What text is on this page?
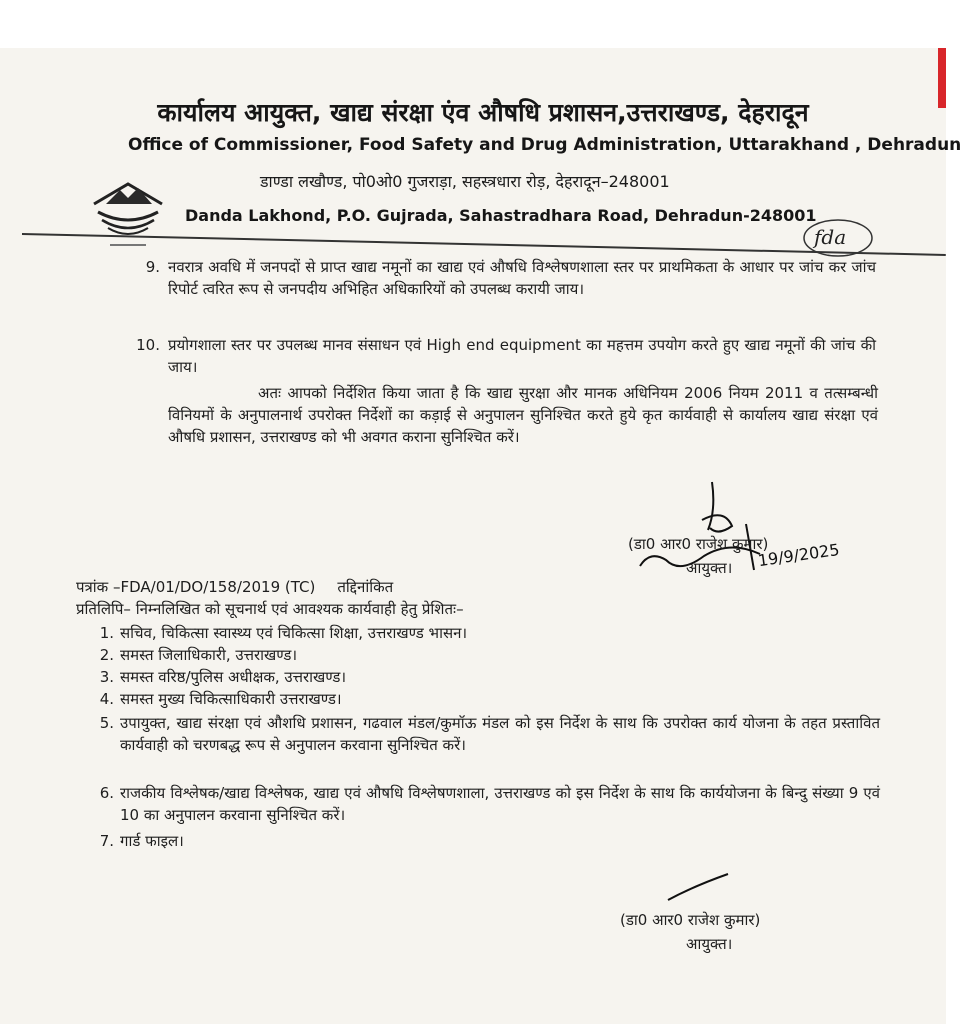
कार्यालय आयुक्त, खाद्य संरक्षा एंव औषधि प्रशासन,उत्तराखण्ड, देहरादून
Office of Commissioner, Food Safety and Drug Administration, Uttarakhand , Dehradun
डाण्डा लखौण्ड, पो0ओ0 गुजराड़ा, सहस्त्रधारा रोड़, देहरादून–248001
Danda Lakhond, P.O. Gujrada, Sahastradhara Road, Dehradun-248001
fda
9. नवरात्र अवधि में जनपदों से प्राप्त खाद्य नमूनों का खाद्य एवं औषधि विश्लेषणशाला स्तर पर प्राथमिकता के आधार पर जांच कर जांच रिपोर्ट त्वरित रूप से जनपदीय अभिहित अधिकारियों को उपलब्ध करायी जाय।
10. प्रयोगशाला स्तर पर उपलब्ध मानव संसाधन एवं High end equipment का महत्तम उपयोग करते हुए खाद्य नमूनों की जांच की जाय।
अतः आपको निर्देशित किया जाता है कि खाद्य सुरक्षा और मानक अधिनियम 2006 नियम 2011 व तत्सम्बन्धी विनियमों के अनुपालनार्थ उपरोक्त निर्देशों का कड़ाई से अनुपालन सुनिश्चित करते हुये कृत कार्यवाही से कार्यालय खाद्य संरक्षा एवं औषधि प्रशासन, उत्तराखण्ड को भी अवगत कराना सुनिश्चित करें।
19/9/2025
(डा0 आर0 राजेश कुमार)
आयुक्त।
पत्रांक –FDA/01/DO/158/2019 (TC) तद्दिनांकित
प्रतिलिपि– निम्नलिखित को सूचनार्थ एवं आवश्यक कार्यवाही हेतु प्रेशितः–
1. सचिव, चिकित्सा स्वास्थ्य एवं चिकित्सा शिक्षा, उत्तराखण्ड भासन।
2. समस्त जिलाधिकारी, उत्तराखण्ड।
3. समस्त वरिष्ठ/पुलिस अधीक्षक, उत्तराखण्ड।
4. समस्त मुख्य चिकित्साधिकारी उत्तराखण्ड।
5. उपायुक्त, खाद्य संरक्षा एवं औशधि प्रशासन, गढवाल मंडल/कुमॉऊ मंडल को इस निर्देश के साथ कि उपरोक्त कार्य योजना के तहत प्रस्तावित कार्यवाही को चरणबद्ध रूप से अनुपालन करवाना सुनिश्चित करें।
6. राजकीय विश्लेषक/खाद्य विश्लेषक, खाद्य एवं औषधि विश्लेषणशाला, उत्तराखण्ड को इस निर्देश के साथ कि कार्ययोजना के बिन्दु संख्या 9 एवं 10 का अनुपालन करवाना सुनिश्चित करें।
7. गार्ड फाइल।
(डा0 आर0 राजेश कुमार)
आयुक्त।
